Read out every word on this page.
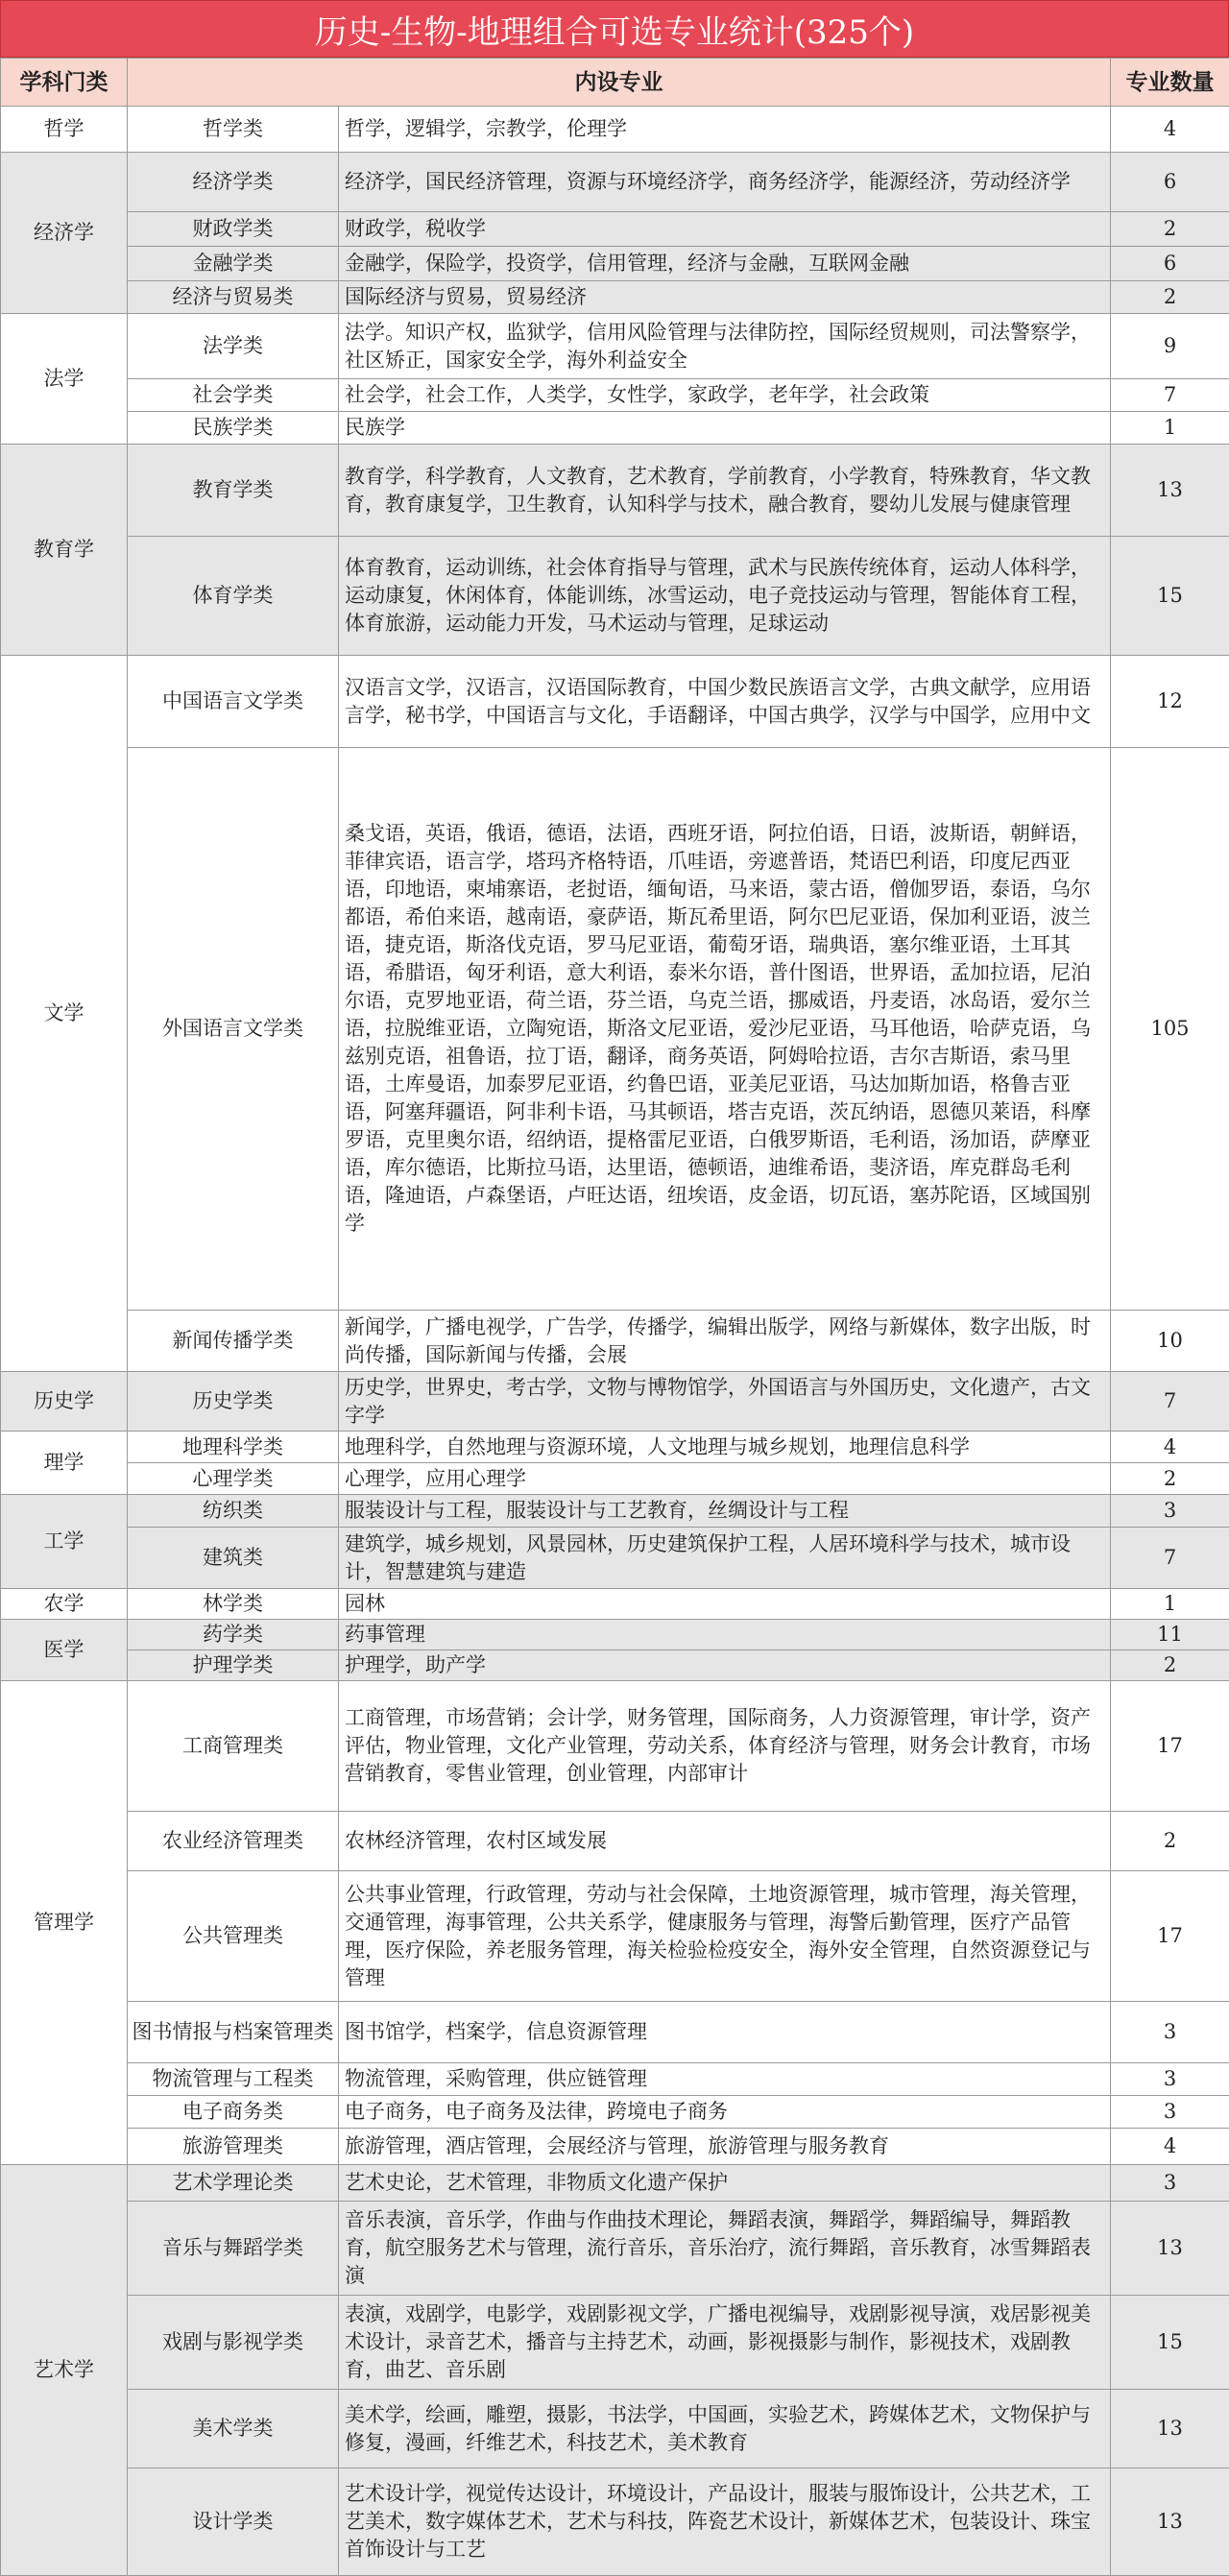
历史-生物-地理组合可选专业统计(325个)
学科门类	内设专业		专业数量
哲学	哲学类	哲学，逻辑学，宗教学，伦理学	4
经济学	经济学类	经济学，国民经济管理，资源与环境经济学，商务经济学，能源经济，劳动经济学	6
	财政学类	财政学，税收学	2
	金融学类	金融学，保险学，投资学，信用管理，经济与金融，互联网金融	6
	经济与贸易类	国际经济与贸易，贸易经济	2
法学	法学类	法学。知识产权，监狱学，信用风险管理与法律防控，国际经贸规则，司法警察学，社区矫正，国家安全学，海外利益安全	9
	社会学类	社会学，社会工作，人类学，女性学，家政学，老年学，社会政策	7
	民族学类	民族学	1
教育学	教育学类	教育学，科学教育，人文教育，艺术教育，学前教育，小学教育，特殊教育，华文教育，教育康复学，卫生教育，认知科学与技术，融合教育，婴幼儿发展与健康管理	13
	体育学类	体育教育，运动训练，社会体育指导与管理，武术与民族传统体育，运动人体科学，运动康复，休闲体育，体能训练，冰雪运动，电子竞技运动与管理，智能体育工程，体育旅游，运动能力开发，马术运动与管理，足球运动	15
文学	中国语言文学类	汉语言文学，汉语言，汉语国际教育，中国少数民族语言文学，古典文献学，应用语言学，秘书学，中国语言与文化，手语翻译，中国古典学，汉学与中国学，应用中文	12
	外国语言文学类	桑戈语，英语，俄语，德语，法语，西班牙语，阿拉伯语，日语，波斯语，朝鲜语，菲律宾语，语言学，塔玛齐格特语，爪哇语，旁遮普语，梵语巴利语，印度尼西亚语，印地语，柬埔寨语，老挝语，缅甸语，马来语，蒙古语，僧伽罗语，泰语，乌尔都语，希伯来语，越南语，豪萨语，斯瓦希里语，阿尔巴尼亚语，保加利亚语，波兰语，捷克语，斯洛伐克语，罗马尼亚语，葡萄牙语，瑞典语，塞尔维亚语，土耳其语，希腊语，匈牙利语，意大利语，泰米尔语，普什图语，世界语，孟加拉语，尼泊尔语，克罗地亚语，荷兰语，芬兰语，乌克兰语，挪威语，丹麦语，冰岛语，爱尔兰语，拉脱维亚语，立陶宛语，斯洛文尼亚语，爱沙尼亚语，马耳他语，哈萨克语，乌兹别克语，祖鲁语，拉丁语，翻译，商务英语，阿姆哈拉语，吉尔吉斯语，索马里语，土库曼语，加泰罗尼亚语，约鲁巴语，亚美尼亚语，马达加斯加语，格鲁吉亚语，阿塞拜疆语，阿非利卡语，马其顿语，塔吉克语，茨瓦纳语，恩德贝莱语，科摩罗语，克里奥尔语，绍纳语，提格雷尼亚语，白俄罗斯语，毛利语，汤加语，萨摩亚语，库尔德语，比斯拉马语，达里语，德顿语，迪维希语，斐济语，库克群岛毛利语，隆迪语，卢森堡语，卢旺达语，纽埃语，皮金语，切瓦语，塞苏陀语，区域国别学	105
	新闻传播学类	新闻学，广播电视学，广告学，传播学，编辑出版学，网络与新媒体，数字出版，时尚传播，国际新闻与传播，会展	10
历史学	历史学类	历史学，世界史，考古学，文物与博物馆学，外国语言与外国历史，文化遗产，古文字学	7
理学	地理科学类	地理科学，自然地理与资源环境，人文地理与城乡规划，地理信息科学	4
	心理学类	心理学，应用心理学	2
工学	纺织类	服装设计与工程，服装设计与工艺教育，丝绸设计与工程	3
	建筑类	建筑学，城乡规划，风景园林，历史建筑保护工程，人居环境科学与技术，城市设计，智慧建筑与建造	7
农学	林学类	园林	1
医学	药学类	药事管理	11
	护理学类	护理学，助产学	2
管理学	工商管理类	工商管理，市场营销；会计学，财务管理，国际商务，人力资源管理，审计学，资产评估，物业管理，文化产业管理，劳动关系，体育经济与管理，财务会计教育，市场营销教育，零售业管理，创业管理，内部审计	17
	农业经济管理类	农林经济管理，农村区域发展	2
	公共管理类	公共事业管理，行政管理，劳动与社会保障，土地资源管理，城市管理，海关管理，交通管理，海事管理，公共关系学，健康服务与管理，海警后勤管理，医疗产品管理，医疗保险，养老服务管理，海关检验检疫安全，海外安全管理，自然资源登记与管理	17
	图书情报与档案管理类	图书馆学，档案学，信息资源管理	3
	物流管理与工程类	物流管理，采购管理，供应链管理	3
	电子商务类	电子商务，电子商务及法律，跨境电子商务	3
	旅游管理类	旅游管理，酒店管理，会展经济与管理，旅游管理与服务教育	4
艺术学	艺术学理论类	艺术史论，艺术管理，非物质文化遗产保护	3
	音乐与舞蹈学类	音乐表演，音乐学，作曲与作曲技术理论，舞蹈表演，舞蹈学，舞蹈编导，舞蹈教育，航空服务艺术与管理，流行音乐，音乐治疗，流行舞蹈，音乐教育，冰雪舞蹈表演	13
	戏剧与影视学类	表演，戏剧学，电影学，戏剧影视文学，广播电视编导，戏剧影视导演，戏居影视美术设计，录音艺术，播音与主持艺术，动画，影视摄影与制作，影视技术，戏剧教育，曲艺、音乐剧	15
	美术学类	美术学，绘画，雕塑，摄影，书法学，中国画，实验艺术，跨媒体艺术，文物保护与修复，漫画，纤维艺术，科技艺术，美术教育	13
	设计学类	艺术设计学，视觉传达设计，环境设计，产品设计，服装与服饰设计，公共艺术，工艺美术，数字媒体艺术，艺术与科技，阵瓷艺术设计，新媒体艺术，包装设计、珠宝首饰设计与工艺	13
